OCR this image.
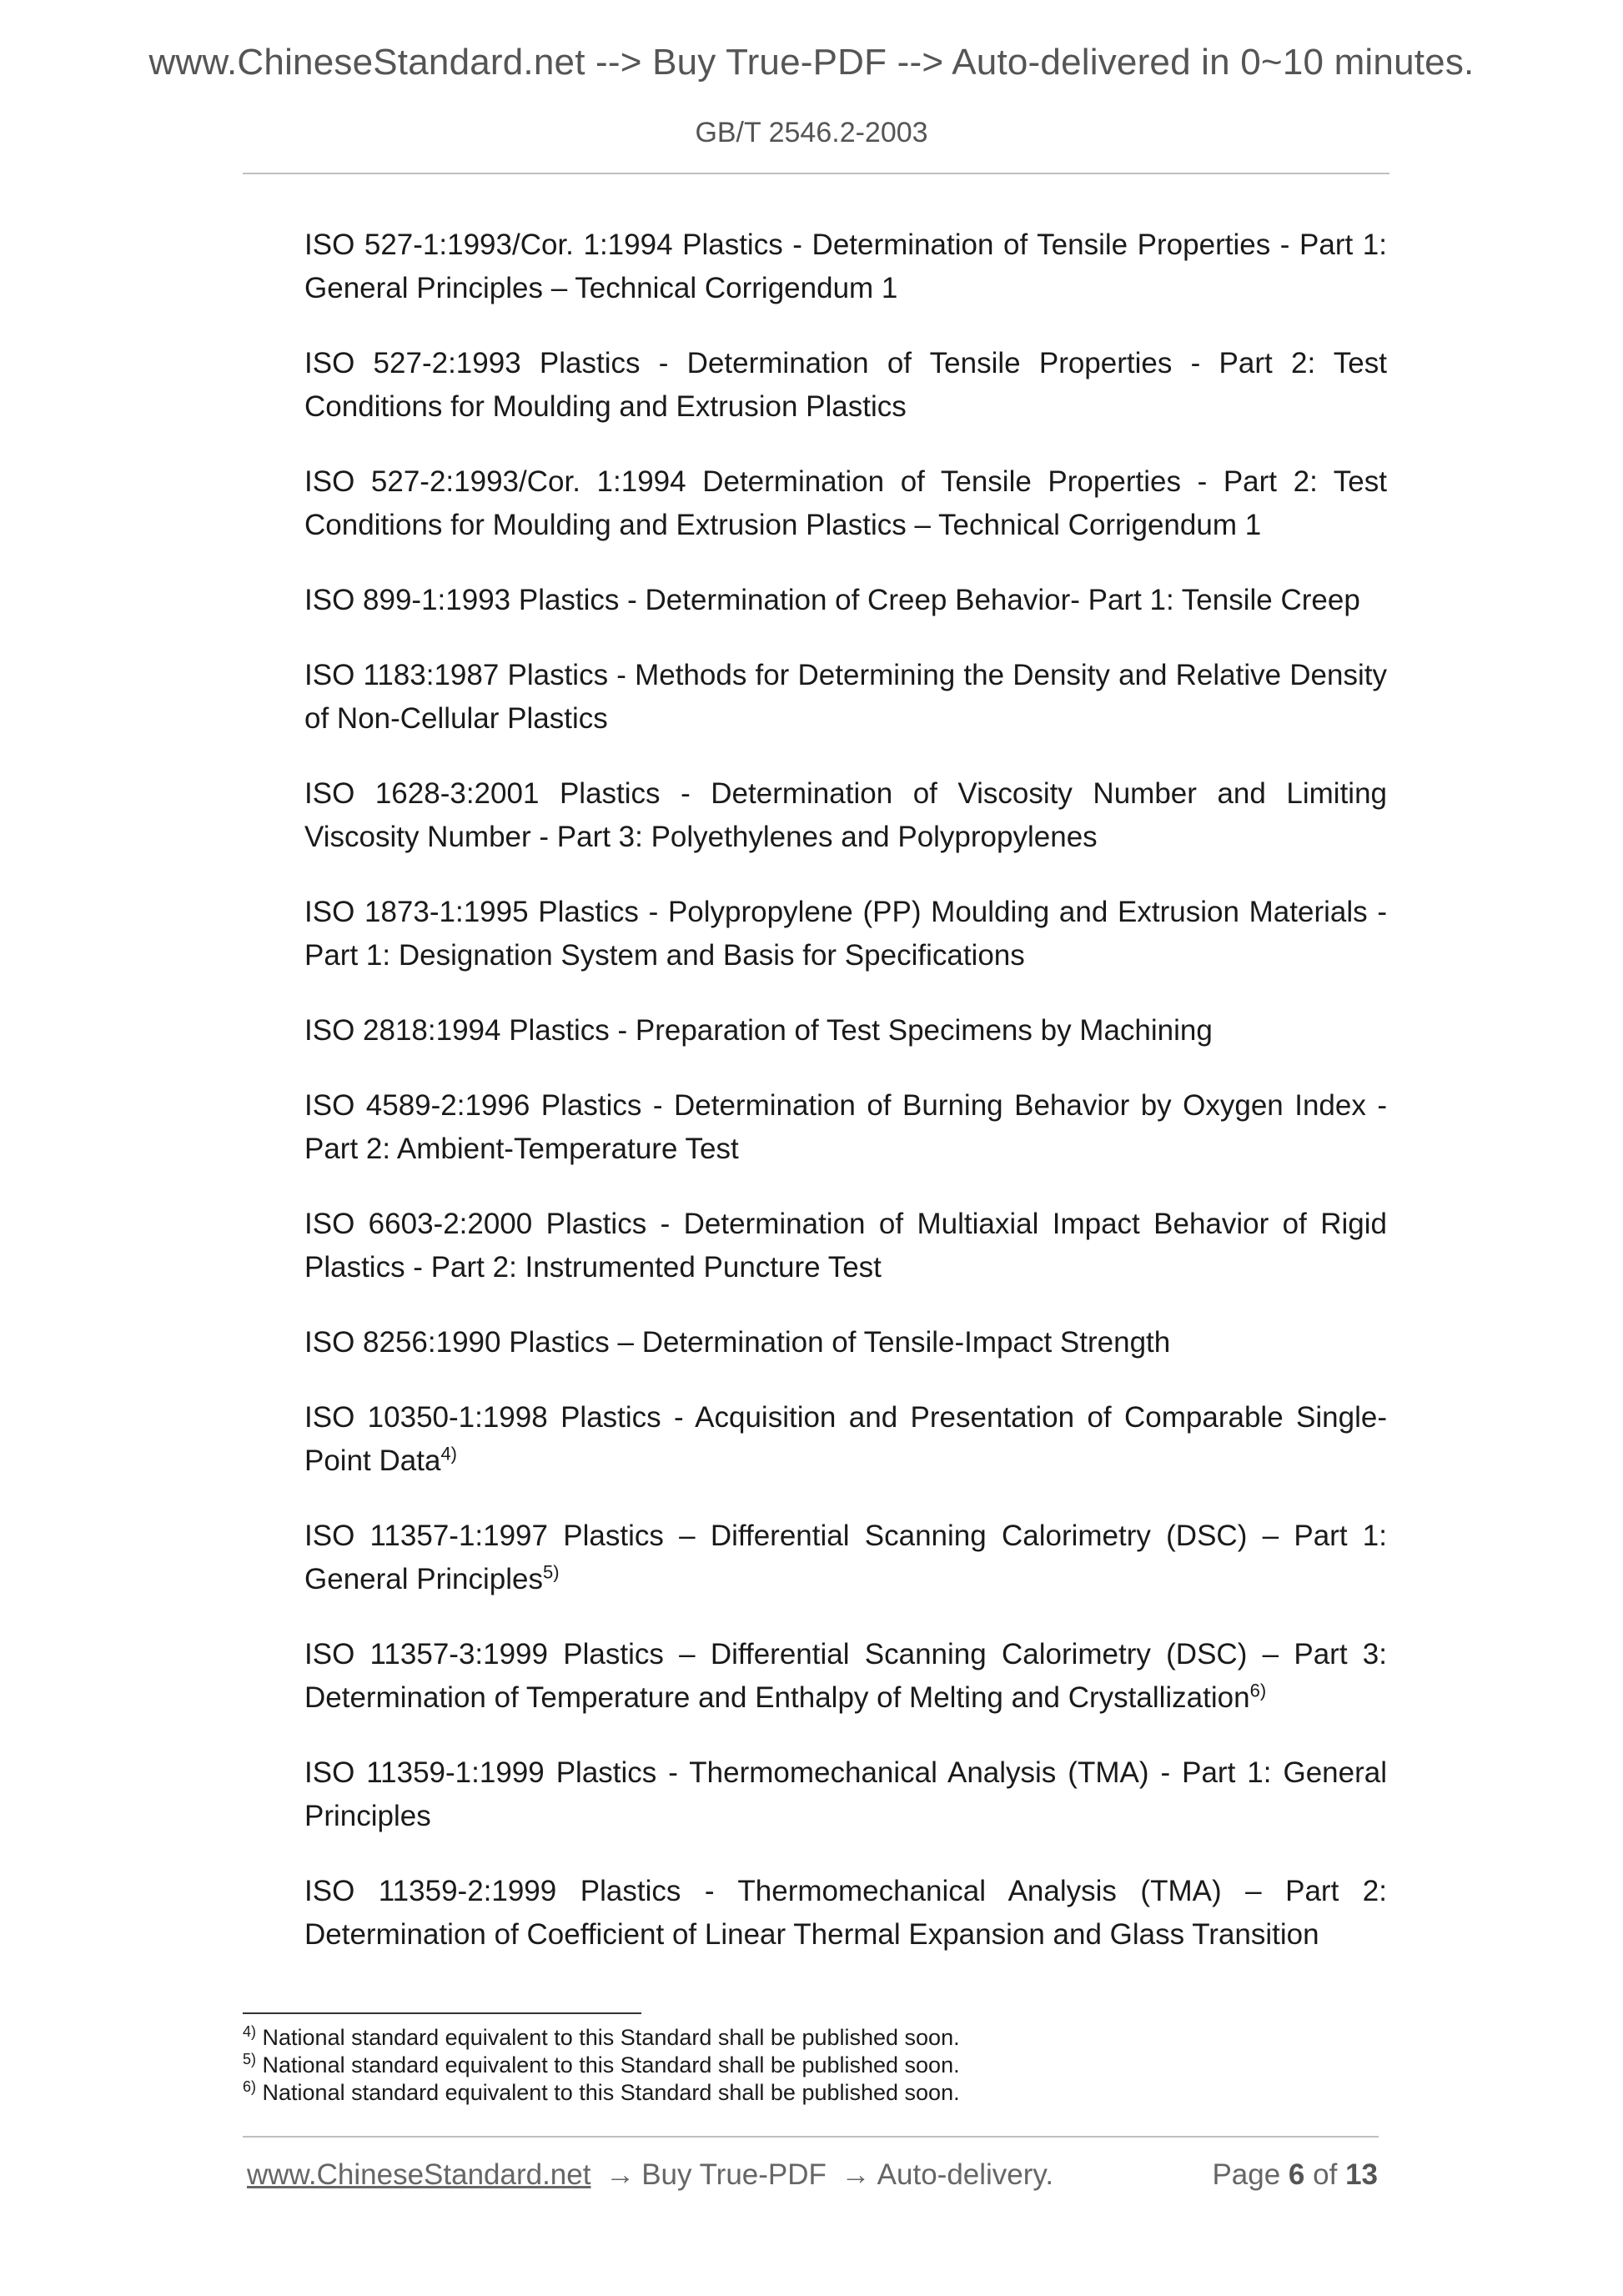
www.ChineseStandard.net --> Buy True-PDF --> Auto-delivered in 0~10 minutes.
GB/T 2546.2-2003

ISO 527-1:1993/Cor. 1:1994 Plastics - Determination of Tensile Properties - Part 1: General Principles – Technical Corrigendum 1

ISO 527-2:1993 Plastics - Determination of Tensile Properties - Part 2: Test Conditions for Moulding and Extrusion Plastics

ISO 527-2:1993/Cor. 1:1994 Determination of Tensile Properties - Part 2: Test Conditions for Moulding and Extrusion Plastics – Technical Corrigendum 1

ISO 899-1:1993 Plastics - Determination of Creep Behavior- Part 1: Tensile Creep

ISO 1183:1987 Plastics - Methods for Determining the Density and Relative Density of Non-Cellular Plastics

ISO 1628-3:2001 Plastics - Determination of Viscosity Number and Limiting Viscosity Number - Part 3: Polyethylenes and Polypropylenes

ISO 1873-1:1995 Plastics - Polypropylene (PP) Moulding and Extrusion Materials - Part 1: Designation System and Basis for Specifications

ISO 2818:1994 Plastics - Preparation of Test Specimens by Machining

ISO 4589-2:1996 Plastics - Determination of Burning Behavior by Oxygen Index - Part 2: Ambient-Temperature Test

ISO 6603-2:2000 Plastics - Determination of Multiaxial Impact Behavior of Rigid Plastics - Part 2: Instrumented Puncture Test

ISO 8256:1990 Plastics – Determination of Tensile-Impact Strength

ISO 10350-1:1998 Plastics - Acquisition and Presentation of Comparable Single-Point Data$^{4)}$

ISO 11357-1:1997 Plastics – Differential Scanning Calorimetry (DSC) – Part 1: General Principles$^{5)}$

ISO 11357-3:1999 Plastics – Differential Scanning Calorimetry (DSC) – Part 3: Determination of Temperature and Enthalpy of Melting and Crystallization$^{6)}$

ISO 11359-1:1999 Plastics - Thermomechanical Analysis (TMA) - Part 1: General Principles

ISO 11359-2:1999 Plastics - Thermomechanical Analysis (TMA) – Part 2: Determination of Coefficient of Linear Thermal Expansion and Glass Transition

$^{4)}$ National standard equivalent to this Standard shall be published soon.
$^{5)}$ National standard equivalent to this Standard shall be published soon.
$^{6)}$ National standard equivalent to this Standard shall be published soon.
www.ChineseStandard.net → Buy True-PDF → Auto-delivery.	Page 6 of 13
